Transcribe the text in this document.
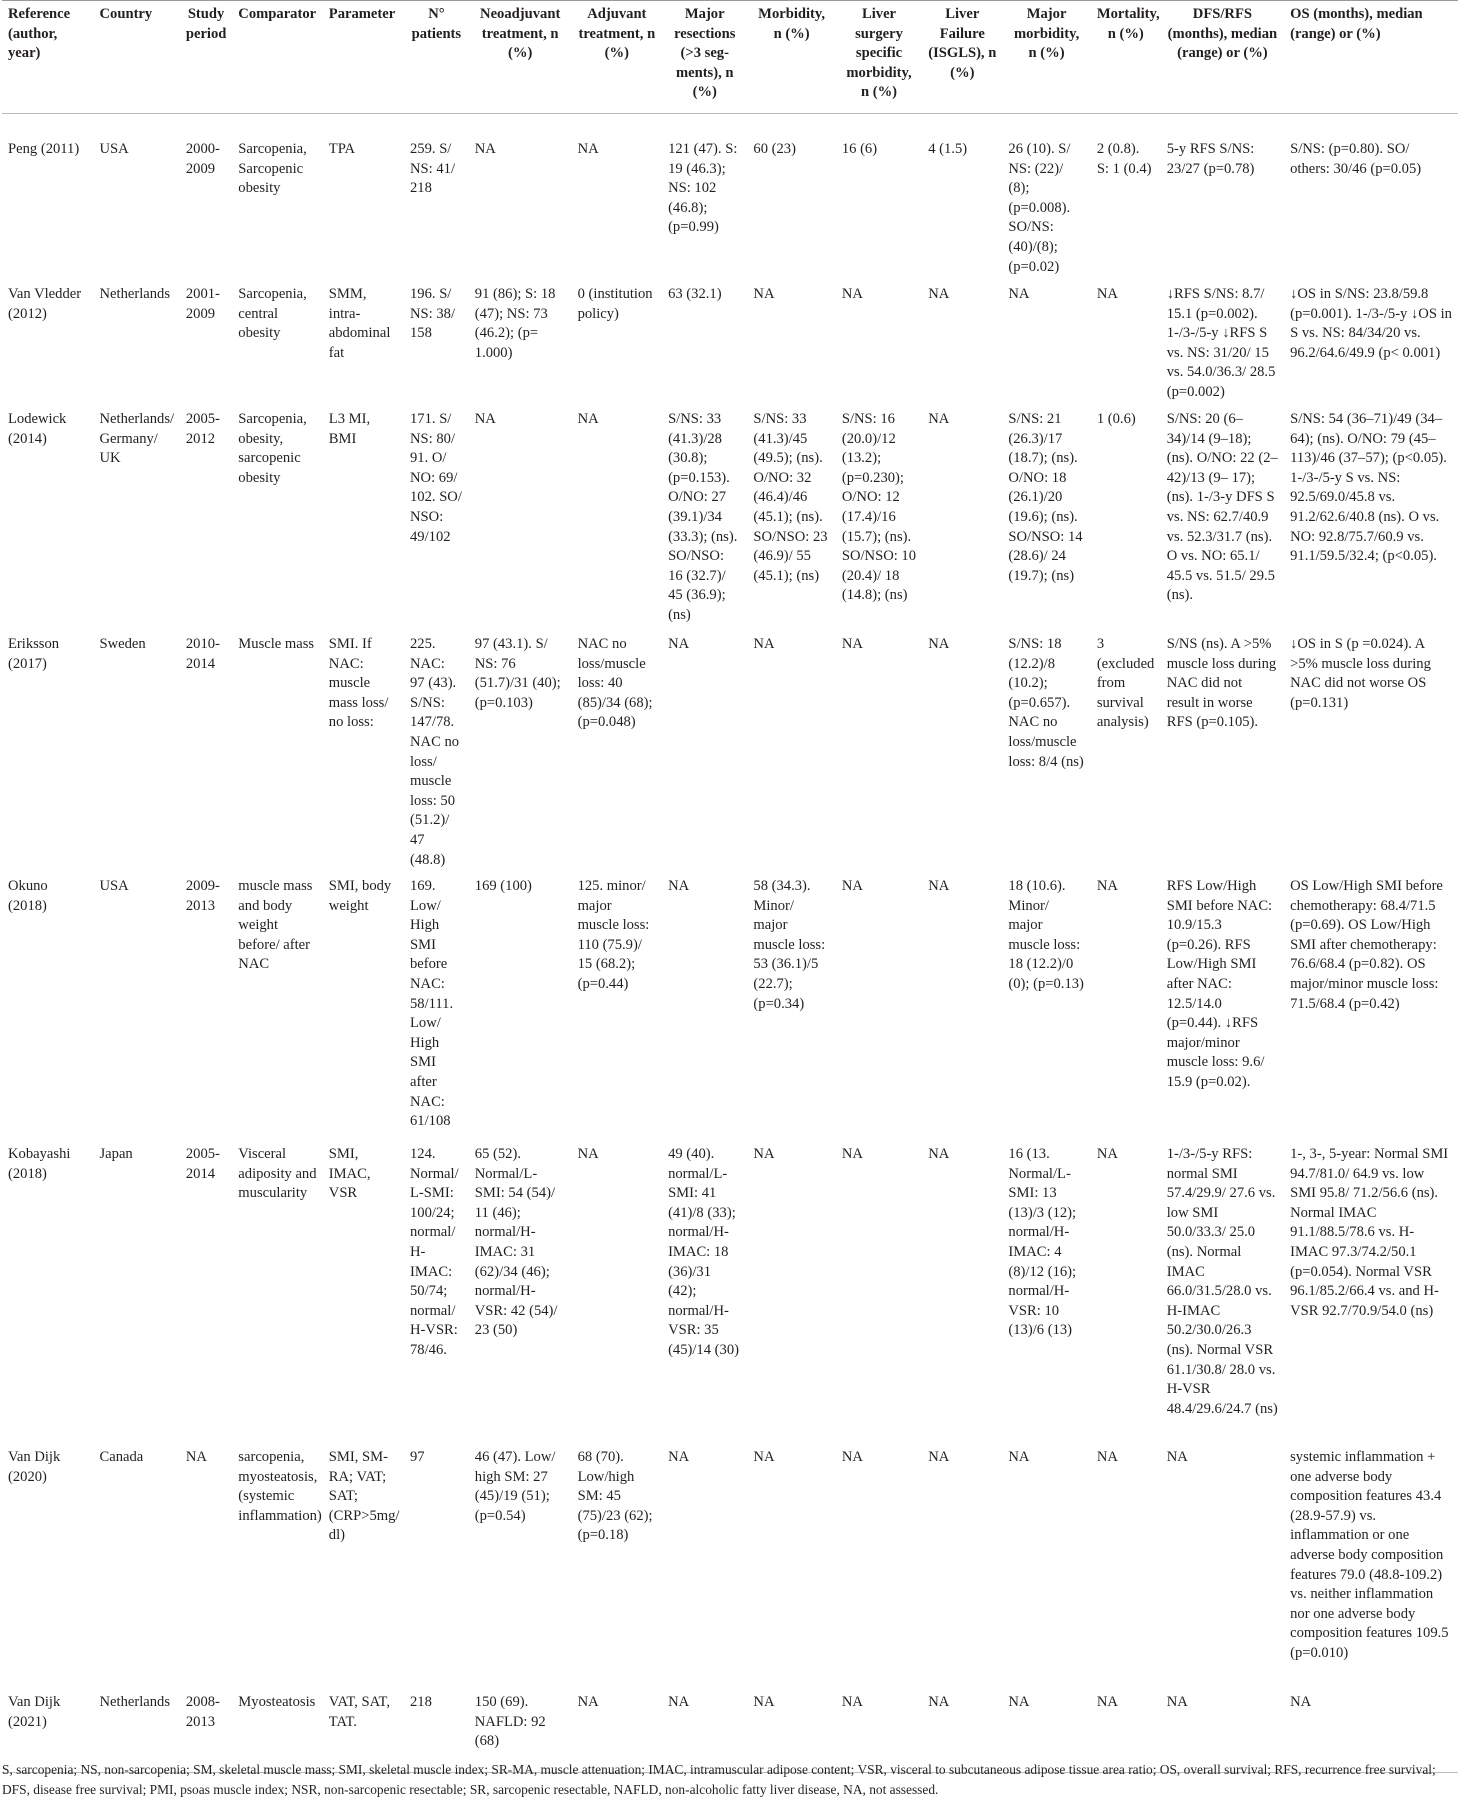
Reference (author, year)	Country	Study period	Comparator	Parameter	N° patients	Neoadjuvant treatment, n (%)	Adjuvant treatment, n (%)	Major resections (>3 seg-ments), n (%)	Morbidity, n (%)	Liver surgery specific morbidity, n (%)	Liver Failure (ISGLS), n (%)	Major morbidity, n (%)	Mortality, n (%)	DFS/RFS (months), median (range) or (%)	OS (months), median (range) or (%)
Peng (2011)	USA	2000-2009	Sarcopenia, Sarcopenic obesity	TPA	259. S/ NS: 41/ 218	NA	NA	121 (47). S: 19 (46.3); NS: 102 (46.8); (p=0.99)	60 (23)	16 (6)	4 (1.5)	26 (10). S/ NS: (22)/ (8); (p=0.008). SO/NS: (40)/(8); (p=0.02)	2 (0.8). S: 1 (0.4)	5-y RFS S/NS: 23/27 (p=0.78)	S/NS: (p=0.80). SO/ others: 30/46 (p=0.05)
Van Vledder (2012)	Netherlands	2001-2009	Sarcopenia, central obesity	SMM, intra-abdominal fat	196. S/ NS: 38/ 158	91 (86); S: 18 (47); NS: 73 (46.2); (p= 1.000)	0 (institution policy)	63 (32.1)	NA	NA	NA	NA	NA	↓RFS S/NS: 8.7/ 15.1 (p=0.002). 1-/3-/5-y ↓RFS S vs. NS: 31/20/ 15 vs. 54.0/36.3/ 28.5 (p=0.002)	↓OS in S/NS: 23.8/59.8 (p=0.001). 1-/3-/5-y ↓OS in S vs. NS: 84/34/20 vs. 96.2/64.6/49.9 (p< 0.001)
Lodewick (2014)	Netherlands/ Germany/ UK	2005-2012	Sarcopenia, obesity, sarcopenic obesity	L3 MI, BMI	171. S/ NS: 80/ 91. O/ NO: 69/ 102. SO/ NSO: 49/102	NA	NA	S/NS: 33 (41.3)/28 (30.8); (p=0.153). O/NO: 27 (39.1)/34 (33.3); (ns). SO/NSO: 16 (32.7)/ 45 (36.9); (ns)	S/NS: 33 (41.3)/45 (49.5); (ns). O/NO: 32 (46.4)/46 (45.1); (ns). SO/NSO: 23 (46.9)/ 55 (45.1); (ns)	S/NS: 16 (20.0)/12 (13.2); (p=0.230); O/NO: 12 (17.4)/16 (15.7); (ns). SO/NSO: 10 (20.4)/ 18 (14.8); (ns)	NA	S/NS: 21 (26.3)/17 (18.7); (ns). O/NO: 18 (26.1)/20 (19.6); (ns). SO/NSO: 14 (28.6)/ 24 (19.7); (ns)	1 (0.6)	S/NS: 20 (6– 34)/14 (9–18); (ns). O/NO: 22 (2–42)/13 (9– 17); (ns). 1-/3-y DFS S vs. NS: 62.7/40.9 vs. 52.3/31.7 (ns). O vs. NO: 65.1/ 45.5 vs. 51.5/ 29.5 (ns).	S/NS: 54 (36–71)/49 (34– 64); (ns). O/NO: 79 (45– 113)/46 (37–57); (p<0.05). 1-/3-/5-y S vs. NS: 92.5/69.0/45.8 vs. 91.2/62.6/40.8 (ns). O vs. NO: 92.8/75.7/60.9 vs. 91.1/59.5/32.4; (p<0.05).
Eriksson (2017)	Sweden	2010-2014	Muscle mass	SMI. If NAC: muscle mass loss/ no loss:	225. NAC: 97 (43). S/NS: 147/78. NAC no loss/ muscle loss: 50 (51.2)/ 47 (48.8)	97 (43.1). S/ NS: 76 (51.7)/31 (40); (p=0.103)	NAC no loss/muscle loss: 40 (85)/34 (68); (p=0.048)	NA	NA	NA	NA	S/NS: 18 (12.2)/8 (10.2); (p=0.657). NAC no loss/muscle loss: 8/4 (ns)	3 (excluded from survival analysis)	S/NS (ns). A >5% muscle loss during NAC did not result in worse RFS (p=0.105).	↓OS in S (p =0.024). A >5% muscle loss during NAC did not worse OS (p=0.131)
Okuno (2018)	USA	2009-2013	muscle mass and body weight before/ after NAC	SMI, body weight	169. Low/ High SMI before NAC: 58/111. Low/ High SMI after NAC: 61/108	169 (100)	125. minor/ major muscle loss: 110 (75.9)/ 15 (68.2); (p=0.44)	NA	58 (34.3). Minor/ major muscle loss: 53 (36.1)/5 (22.7); (p=0.34)	NA	NA	18 (10.6). Minor/ major muscle loss: 18 (12.2)/0 (0); (p=0.13)	NA	RFS Low/High SMI before NAC: 10.9/15.3 (p=0.26). RFS Low/High SMI after NAC: 12.5/14.0 (p=0.44). ↓RFS major/minor muscle loss: 9.6/ 15.9 (p=0.02).	OS Low/High SMI before chemotherapy: 68.4/71.5 (p=0.69). OS Low/High SMI after chemotherapy: 76.6/68.4 (p=0.82). OS major/minor muscle loss: 71.5/68.4 (p=0.42)
Kobayashi (2018)	Japan	2005-2014	Visceral adiposity and muscularity	SMI, IMAC, VSR	124. Normal/ L-SMI: 100/24; normal/ H-IMAC: 50/74; normal/ H-VSR: 78/46.	65 (52). Normal/L-SMI: 54 (54)/ 11 (46); normal/H-IMAC: 31 (62)/34 (46); normal/H-VSR: 42 (54)/ 23 (50)	NA	49 (40). normal/L-SMI: 41 (41)/8 (33); normal/H-IMAC: 18 (36)/31 (42); normal/H-VSR: 35 (45)/14 (30)	NA	NA	NA	16 (13. Normal/L-SMI: 13 (13)/3 (12); normal/H-IMAC: 4 (8)/12 (16); normal/H-VSR: 10 (13)/6 (13)	NA	1-/3-/5-y RFS: normal SMI 57.4/29.9/ 27.6 vs. low SMI 50.0/33.3/ 25.0 (ns). Normal IMAC 66.0/31.5/28.0 vs. H-IMAC 50.2/30.0/26.3 (ns). Normal VSR 61.1/30.8/ 28.0 vs. H-VSR 48.4/29.6/24.7 (ns)	1-, 3-, 5-year: Normal SMI 94.7/81.0/ 64.9 vs. low SMI 95.8/ 71.2/56.6 (ns). Normal IMAC 91.1/88.5/78.6 vs. H-IMAC 97.3/74.2/50.1 (p=0.054). Normal VSR 96.1/85.2/66.4 vs. and H-VSR 92.7/70.9/54.0 (ns)
Van Dijk (2020)	Canada	NA	sarcopenia, myosteatosis, (systemic inflammation)	SMI, SM-RA; VAT; SAT; (CRP>5mg/ dl)	97	46 (47). Low/ high SM: 27 (45)/19 (51); (p=0.54)	68 (70). Low/high SM: 45 (75)/23 (62); (p=0.18)	NA	NA	NA	NA	NA	NA	NA	systemic inflammation + one adverse body composition features 43.4 (28.9-57.9) vs. inflammation or one adverse body composition features 79.0 (48.8-109.2) vs. neither inflammation nor one adverse body composition features 109.5 (p=0.010)
Van Dijk (2021)	Netherlands	2008-2013	Myosteatosis	VAT, SAT, TAT.	218	150 (69). NAFLD: 92 (68)	NA	NA	NA	NA	NA	NA	NA	NA	NA
S, sarcopenia; NS, non-sarcopenia; SM, skeletal muscle mass; SMI, skeletal muscle index; SR-MA, muscle attenuation; IMAC, intramuscular adipose content; VSR, visceral to subcutaneous adipose tissue area ratio; OS, overall survival; RFS, recurrence free survival; DFS, disease free survival; PMI, psoas muscle index; NSR, non-sarcopenic resectable; SR, sarcopenic resectable, NAFLD, non-alcoholic fatty liver disease, NA, not assessed.
